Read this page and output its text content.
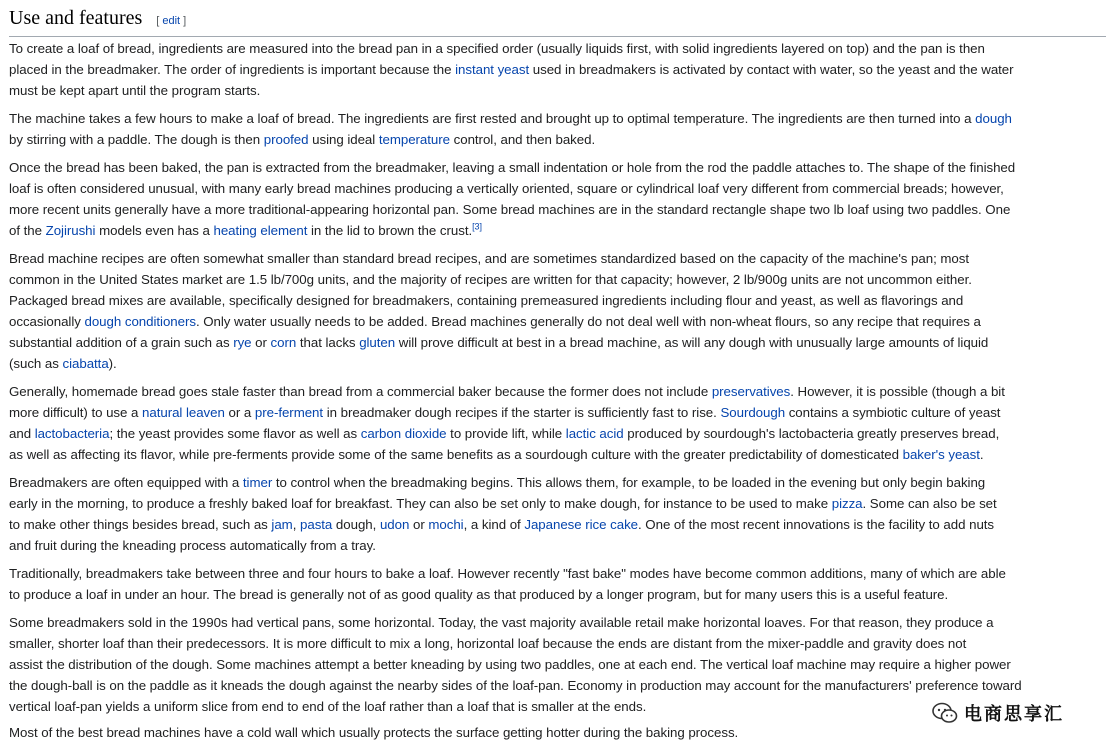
Use and features [ edit ]
To create a loaf of bread, ingredients are measured into the bread pan in a specified order (usually liquids first, with solid ingredients layered on top) and the pan is then
placed in the breadmaker. The order of ingredients is important because the instant yeast used in breadmakers is activated by contact with water, so the yeast and the water
must be kept apart until the program starts.
The machine takes a few hours to make a loaf of bread. The ingredients are first rested and brought up to optimal temperature. The ingredients are then turned into a dough
by stirring with a paddle. The dough is then proofed using ideal temperature control, and then baked.
Once the bread has been baked, the pan is extracted from the breadmaker, leaving a small indentation or hole from the rod the paddle attaches to. The shape of the finished
loaf is often considered unusual, with many early bread machines producing a vertically oriented, square or cylindrical loaf very different from commercial breads; however,
more recent units generally have a more traditional-appearing horizontal pan. Some bread machines are in the standard rectangle shape two lb loaf using two paddles. One
of the Zojirushi models even has a heating element in the lid to brown the crust.[3]
Bread machine recipes are often somewhat smaller than standard bread recipes, and are sometimes standardized based on the capacity of the machine's pan; most
common in the United States market are 1.5 lb/700g units, and the majority of recipes are written for that capacity; however, 2 lb/900g units are not uncommon either.
Packaged bread mixes are available, specifically designed for breadmakers, containing premeasured ingredients including flour and yeast, as well as flavorings and
occasionally dough conditioners. Only water usually needs to be added. Bread machines generally do not deal well with non-wheat flours, so any recipe that requires a
substantial addition of a grain such as rye or corn that lacks gluten will prove difficult at best in a bread machine, as will any dough with unusually large amounts of liquid
(such as ciabatta).
Generally, homemade bread goes stale faster than bread from a commercial baker because the former does not include preservatives. However, it is possible (though a bit
more difficult) to use a natural leaven or a pre-ferment in breadmaker dough recipes if the starter is sufficiently fast to rise. Sourdough contains a symbiotic culture of yeast
and lactobacteria; the yeast provides some flavor as well as carbon dioxide to provide lift, while lactic acid produced by sourdough's lactobacteria greatly preserves bread,
as well as affecting its flavor, while pre-ferments provide some of the same benefits as a sourdough culture with the greater predictability of domesticated baker's yeast.
Breadmakers are often equipped with a timer to control when the breadmaking begins. This allows them, for example, to be loaded in the evening but only begin baking
early in the morning, to produce a freshly baked loaf for breakfast. They can also be set only to make dough, for instance to be used to make pizza. Some can also be set
to make other things besides bread, such as jam, pasta dough, udon or mochi, a kind of Japanese rice cake. One of the most recent innovations is the facility to add nuts
and fruit during the kneading process automatically from a tray.
Traditionally, breadmakers take between three and four hours to bake a loaf. However recently "fast bake" modes have become common additions, many of which are able
to produce a loaf in under an hour. The bread is generally not of as good quality as that produced by a longer program, but for many users this is a useful feature.
Some breadmakers sold in the 1990s had vertical pans, some horizontal. Today, the vast majority available retail make horizontal loaves. For that reason, they produce a
smaller, shorter loaf than their predecessors. It is more difficult to mix a long, horizontal loaf because the ends are distant from the mixer-paddle and gravity does not
assist the distribution of the dough. Some machines attempt a better kneading by using two paddles, one at each end. The vertical loaf machine may require a higher power
the dough-ball is on the paddle as it kneads the dough against the nearby sides of the loaf-pan. Economy in production may account for the manufacturers' preference toward
vertical loaf-pan yields a uniform slice from end to end of the loaf rather than a loaf that is smaller at the ends.
Most of the best bread machines have a cold wall which usually protects the surface getting hotter during the baking process.
电商思享汇
